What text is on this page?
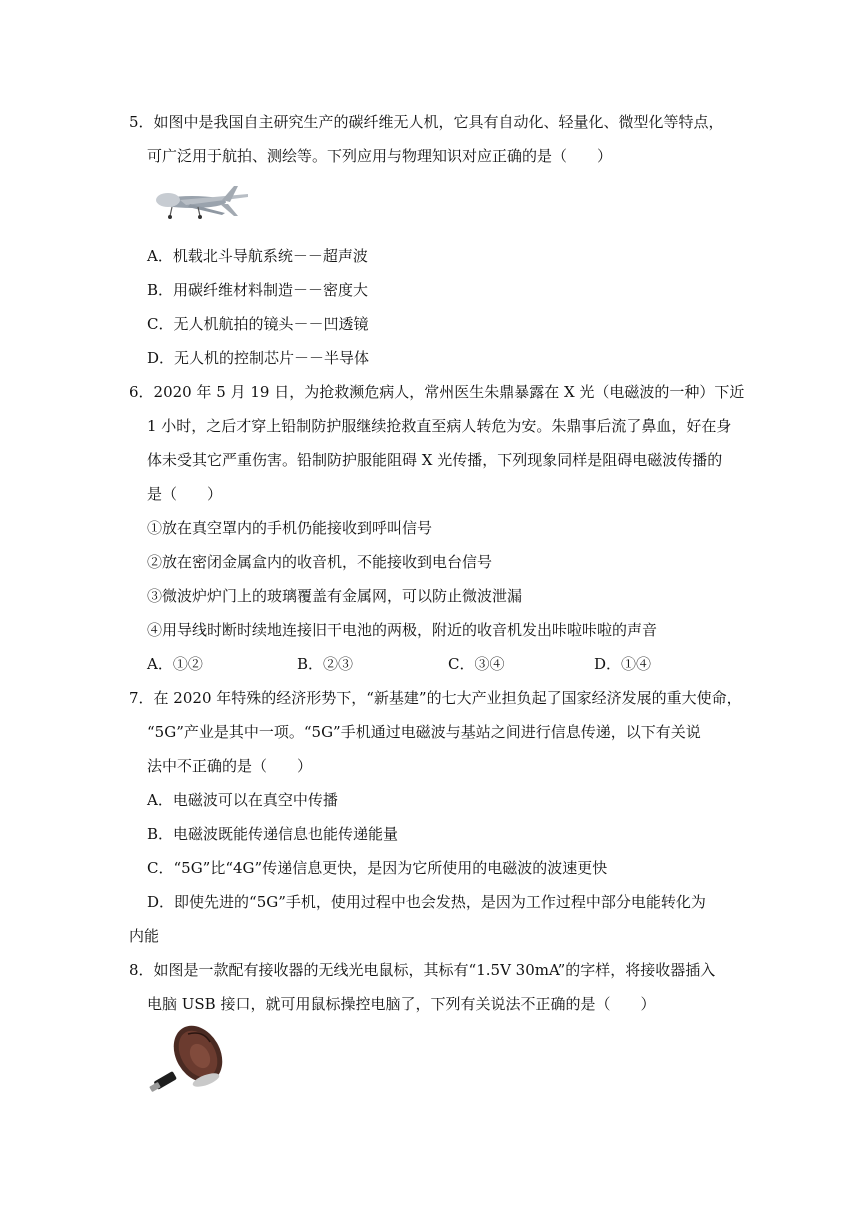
5．如图中是我国自主研究生产的碳纤维无人机，它具有自动化、轻量化、微型化等特点，
可广泛用于航拍、测绘等。下列应用与物理知识对应正确的是（　　）
A．机载北斗导航系统－－超声波
B．用碳纤维材料制造－－密度大
C．无人机航拍的镜头－－凹透镜
D．无人机的控制芯片－－半导体
6．2020 年 5 月 19 日，为抢救濒危病人，常州医生朱鼎暴露在 X 光（电磁波的一种）下近
1 小时，之后才穿上铅制防护服继续抢救直至病人转危为安。朱鼎事后流了鼻血，好在身
体未受其它严重伤害。铅制防护服能阻碍 X 光传播，下列现象同样是阻碍电磁波传播的
是（　　）
①放在真空罩内的手机仍能接收到呼叫信号
②放在密闭金属盒内的收音机，不能接收到电台信号
③微波炉炉门上的玻璃覆盖有金属网，可以防止微波泄漏
④用导线时断时续地连接旧干电池的两极，附近的收音机发出咔啦咔啦的声音
A．①②	B．②③	C．③④	D．①④
7．在 2020 年特殊的经济形势下，“新基建”的七大产业担负起了国家经济发展的重大使命，
“5G”产业是其中一项。“5G”手机通过电磁波与基站之间进行信息传递，以下有关说
法中不正确的是（　　）
A．电磁波可以在真空中传播
B．电磁波既能传递信息也能传递能量
C．“5G”比“4G”传递信息更快，是因为它所使用的电磁波的波速更快
D．即使先进的“5G”手机，使用过程中也会发热，是因为工作过程中部分电能转化为
内能
8．如图是一款配有接收器的无线光电鼠标，其标有“1.5V 30mA”的字样，将接收器插入
电脑 USB 接口，就可用鼠标操控电脑了，下列有关说法不正确的是（　　）
